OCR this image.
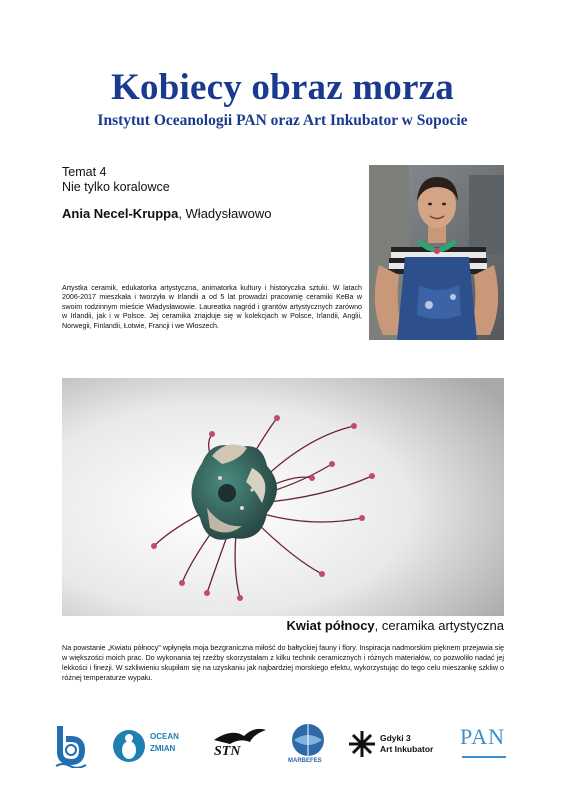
Kobiecy obraz morza
Instytut Oceanologii PAN oraz Art Inkubator w Sopocie
Temat 4
Nie tylko koralowce
Ania Necel-Kruppa, Władysławowo

Artystka ceramik, edukatorka artystyczna, animatorka kultury i historyczka sztuki. W latach 2006-2017 mieszkała i tworzyła w Irlandii a od 5 lat prowadzi pracownię ceramiki KeBa w swoim rodzinnym mieście Władysławowie. Laureatka nagród i grantów artystycznych zarówno w Irlandii, jak i w Polsce. Jej ceramika znajduje się w kolekcjach w Polsce, Irlandii, Anglii, Norwegii, Finlandii, Łotwie, Francji i we Włoszech.

Kwiat północy, ceramika artystyczna

Na powstanie „Kwiatu północy" wpłynęła moja bezgraniczna miłość do bałtyckiej fauny i flory. Inspiracja nadmorskim pięknem przejawia się w większości moich prac. Do wykonania tej rzeźby skorzystałam z kilku technik ceramicznych i różnych materiałów, co pozwoliło nadać jej lekkości i finezji. W szkliwieniu skupiłam się na uzyskaniu jak najbardziej morskiego efektu, wykorzystując do tego celu mieszankę szkliw o różnej temperaturze wypału.

OCEAN
ZMIAN	STN
MARBEFES
Gdyki 3
Art Inkubator PAN
